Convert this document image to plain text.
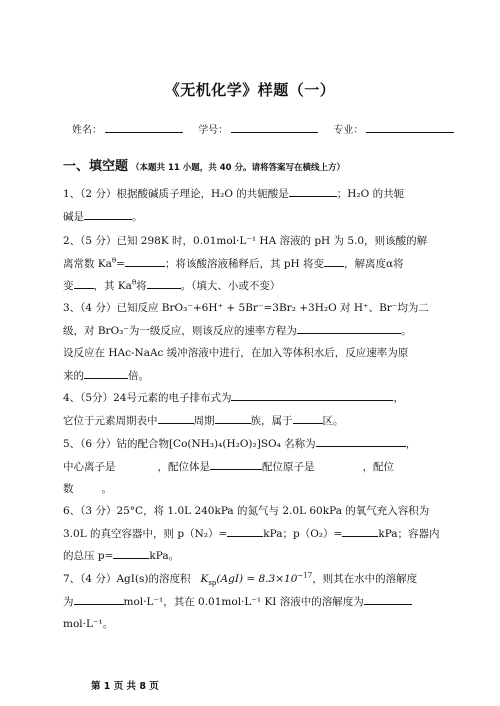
《无机化学》样题（一）
姓名：	学号：	专业：
一、填空题 （本题共 11 小题，共 40 分。请将答案写在横线上方）
1、（2 分）根据酸碱质子理论，H₂O 的共轭酸是	；H₂O 的共轭
碱是	。
2、（5 分）已知 298K 时，0.01mol·L⁻¹ HA 溶液的 pH 为 5.0，则该酸的解
离常数 $Ka^\theta=$	；将该酸溶液稀释后，其 pH 将变 ，解离度α将
变 ，其 $Ka^\theta$将	。（填大、小或不变）
3、（4 分）已知反应 BrO₃⁻+6H⁺ + 5Br⁻=3Br₂ +3H₂O 对 H⁺、Br⁻均为二
级，对 BrO₃⁻为一级反应，则该反应的速率方程为	。
设反应在 HAc-NaAc 缓冲溶液中进行，在加入等体积水后，反应速率为原
来的	倍。
4、（5分）24号元素的电子排布式为	，
它位于元素周期表中	周期	族，属于	区。
5、（6 分）钴的配合物[Co(NH₃)₄(H₂O)₂]SO₄ 名称为	，
中心离子是	，配位体是	配位原子是	，配位
数	。
6、（3 分）25°C，将 1.0L 240kPa 的氮气与 2.0L 60kPa 的氧气充入容积为
3.0L 的真空容器中，则 p（N₂）=	kPa；p（O₂）=	kPa；容器内
的总压 p=	kPa。
7、（4 分）AgI(s)的溶度积 $K_{sp}(AgI) = 8.3\times 10^{-17}$，则其在水中的溶解度
为	mol·L⁻¹，其在 0.01mol·L⁻¹ KI 溶液中的溶解度为
mol·L⁻¹。
第 1 页 共 8 页
